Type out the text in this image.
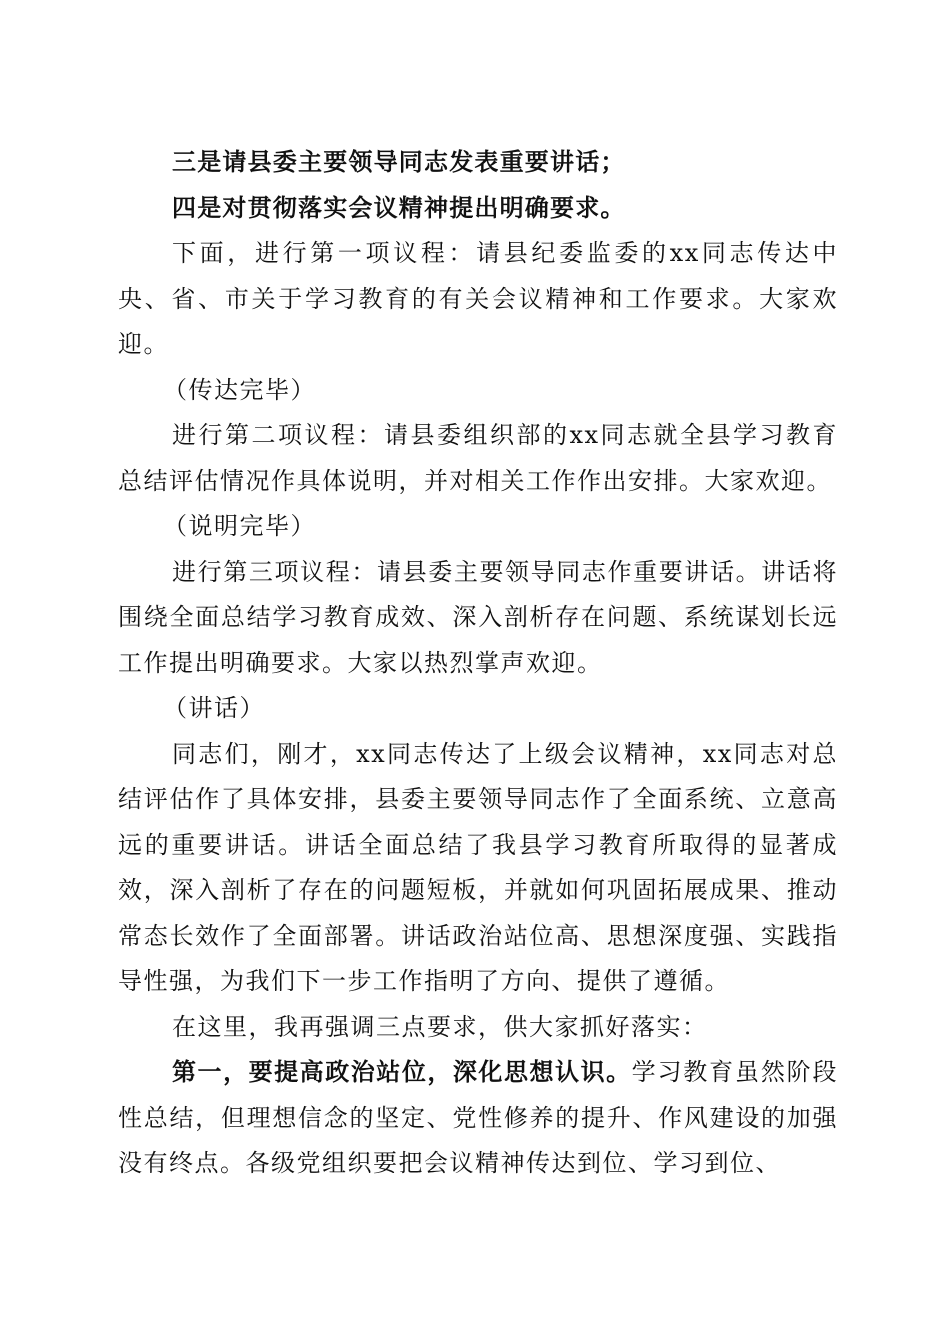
三是请县委主要领导同志发表重要讲话；

四是对贯彻落实会议精神提出明确要求。

下面，进行第一项议程：请县纪委监委的xx同志传达中央、省、市关于学习教育的有关会议精神和工作要求。大家欢迎。

（传达完毕）

进行第二项议程：请县委组织部的xx同志就全县学习教育总结评估情况作具体说明，并对相关工作作出安排。大家欢迎。

（说明完毕）

进行第三项议程：请县委主要领导同志作重要讲话。讲话将围绕全面总结学习教育成效、深入剖析存在问题、系统谋划长远工作提出明确要求。大家以热烈掌声欢迎。

（讲话）

同志们，刚才，xx同志传达了上级会议精神，xx同志对总结评估作了具体安排，县委主要领导同志作了全面系统、立意高远的重要讲话。讲话全面总结了我县学习教育所取得的显著成效，深入剖析了存在的问题短板，并就如何巩固拓展成果、推动常态长效作了全面部署。讲话政治站位高、思想深度强、实践指导性强，为我们下一步工作指明了方向、提供了遵循。

在这里，我再强调三点要求，供大家抓好落实：

第一，要提高政治站位，深化思想认识。学习教育虽然阶段性总结，但理想信念的坚定、党性修养的提升、作风建设的加强没有终点。各级党组织要把会议精神传达到位、学习到位、
